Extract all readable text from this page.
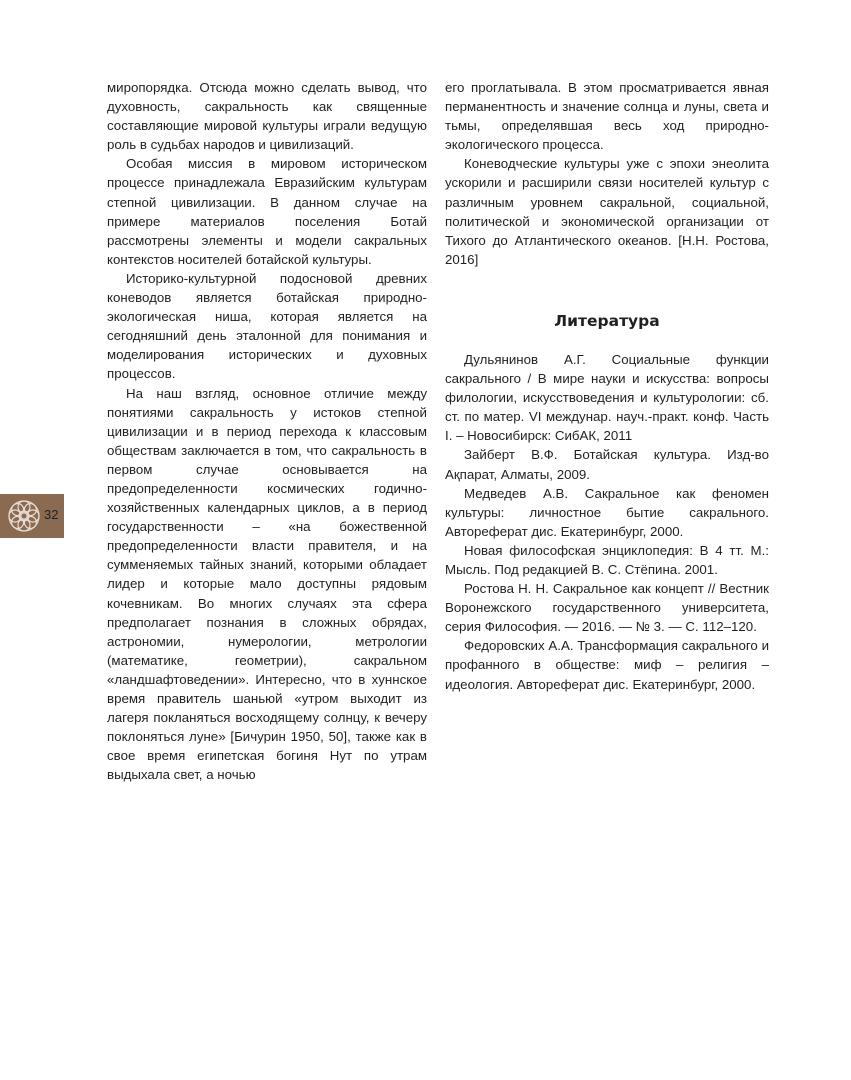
миропорядка. Отсюда можно сделать вывод, что духовность, сакральность как священные составляющие мировой культуры играли ведущую роль в судьбах народов и цивилизаций.

Особая миссия в мировом историческом процессе принадлежала Евразийским культурам степной цивилизации. В данном случае на примере материалов поселения Ботай рассмотрены элементы и модели сакральных контекстов носителей ботайской культуры.

Историко-культурной подосновой древних коневодов является ботайская природно-экологическая ниша, которая является на сегодняшний день эталонной для понимания и моделирования исторических и духовных процессов.

На наш взгляд, основное отличие между понятиями сакральность у истоков степной цивилизации и в период перехода к классовым обществам заключается в том, что сакральность в первом случае основывается на предопределенности космических годично-хозяйственных календарных циклов, а в период государственности – «на божественной предопределенности власти правителя, и на сумменяемых тайных знаний, которыми обладает лидер и которые мало доступны рядовым кочевникам. Во многих случаях эта сфера предполагает познания в сложных обрядах, астрономии, нумерологии, метрологии (математике, геометрии), сакральном «ландшафтоведении». Интересно, что в хуннское время правитель шаньюй «утром выходит из лагеря покланяться восходящему солнцу, к вечеру поклоняться луне» [Бичурин 1950, 50], также как в свое время египетская богиня Нут по утрам выдыхала свет, а ночью

его проглатывала. В этом просматривается явная перманентность и значение солнца и луны, света и тьмы, определявшая весь ход природно-экологического процесса.

Коневодческие культуры уже с эпохи энеолита ускорили и расширили связи носителей культур с различным уровнем сакральной, социальной, политической и экономической организации от Тихого до Атлантического океанов. [Н.Н. Ростова, 2016]

Литература

Дульянинов А.Г. Социальные функции сакрального / В мире науки и искусства: вопросы филологии, искусствоведения и культурологии: сб. ст. по матер. VI междунар. науч.-практ. конф. Часть I. – Новосибирск: СибАК, 2011

Зайберт В.Ф. Ботайская культура. Изд-во Ақпарат, Алматы, 2009.

Медведев А.В. Сакральное как феномен культуры: личностное бытие сакрального. Автореферат дис. Екатеринбург, 2000.

Новая философская энциклопедия: В 4 тт. М.: Мысль. Под редакцией В. С. Стёпина. 2001.

Ростова Н. Н. Сакральное как концепт // Вестник Воронежского государственного университета, серия Философия. — 2016. — № 3. — С. 112–120.

Федоровских А.А. Трансформация сакрального и профанного в обществе: миф – религия – идеология. Автореферат дис. Екатеринбург, 2000.

32
